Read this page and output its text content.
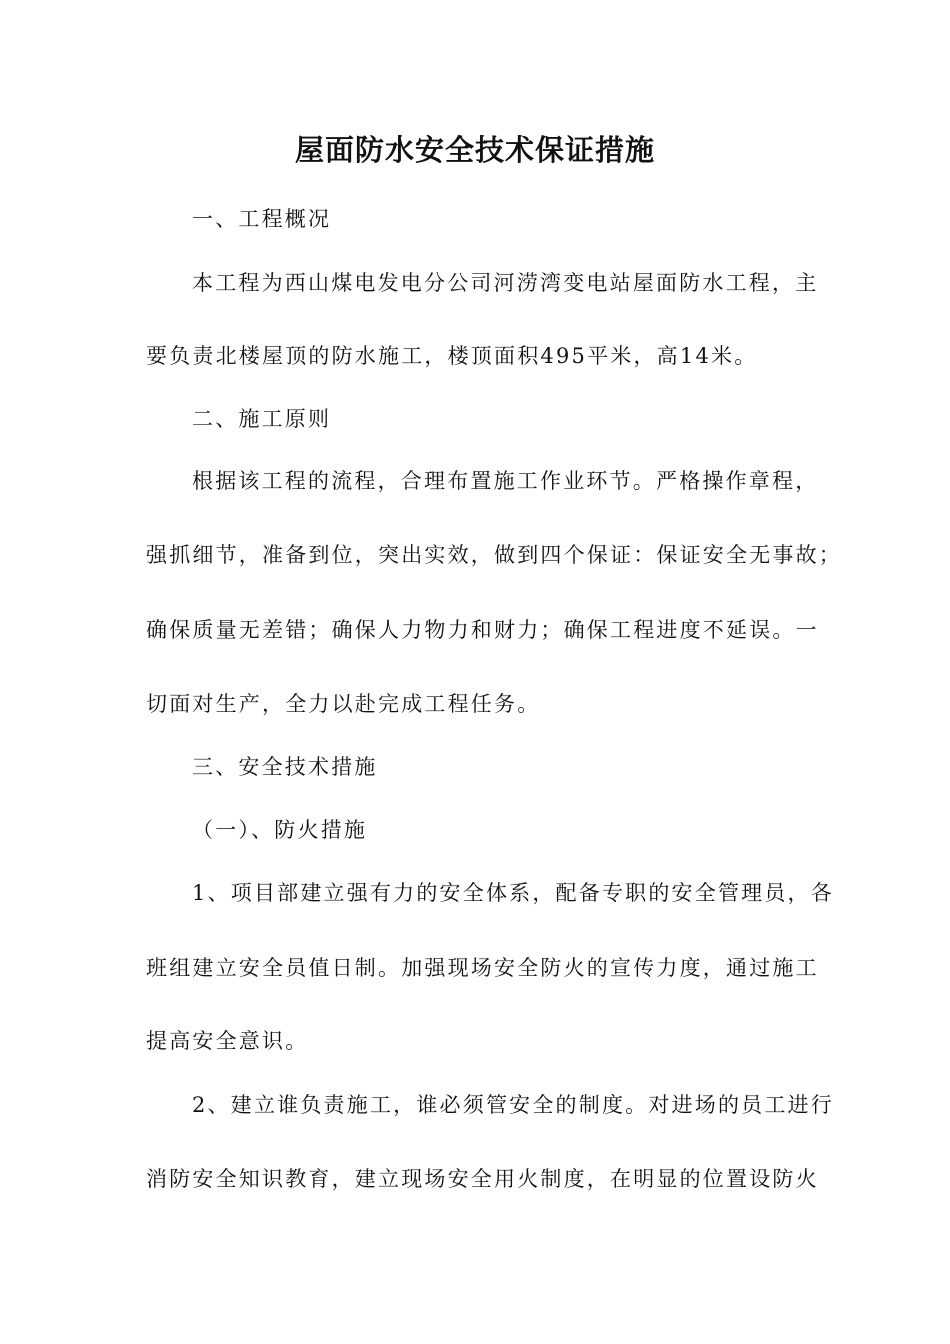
屋面防水安全技术保证措施
一、工程概况
本工程为西山煤电发电分公司河涝湾变电站屋面防水工程，主
要负责北楼屋顶的防水施工，楼顶面积495平米，高14米。
二、施工原则
根据该工程的流程，合理布置施工作业环节。严格操作章程，
强抓细节，准备到位，突出实效，做到四个保证：保证安全无事故；
确保质量无差错；确保人力物力和财力；确保工程进度不延误。一
切面对生产，全力以赴完成工程任务。
三、安全技术措施
（一）、防火措施
1、项目部建立强有力的安全体系，配备专职的安全管理员，各
班组建立安全员值日制。加强现场安全防火的宣传力度，通过施工
提高安全意识。
2、建立谁负责施工，谁必须管安全的制度。对进场的员工进行
消防安全知识教育，建立现场安全用火制度，在明显的位置设防火
